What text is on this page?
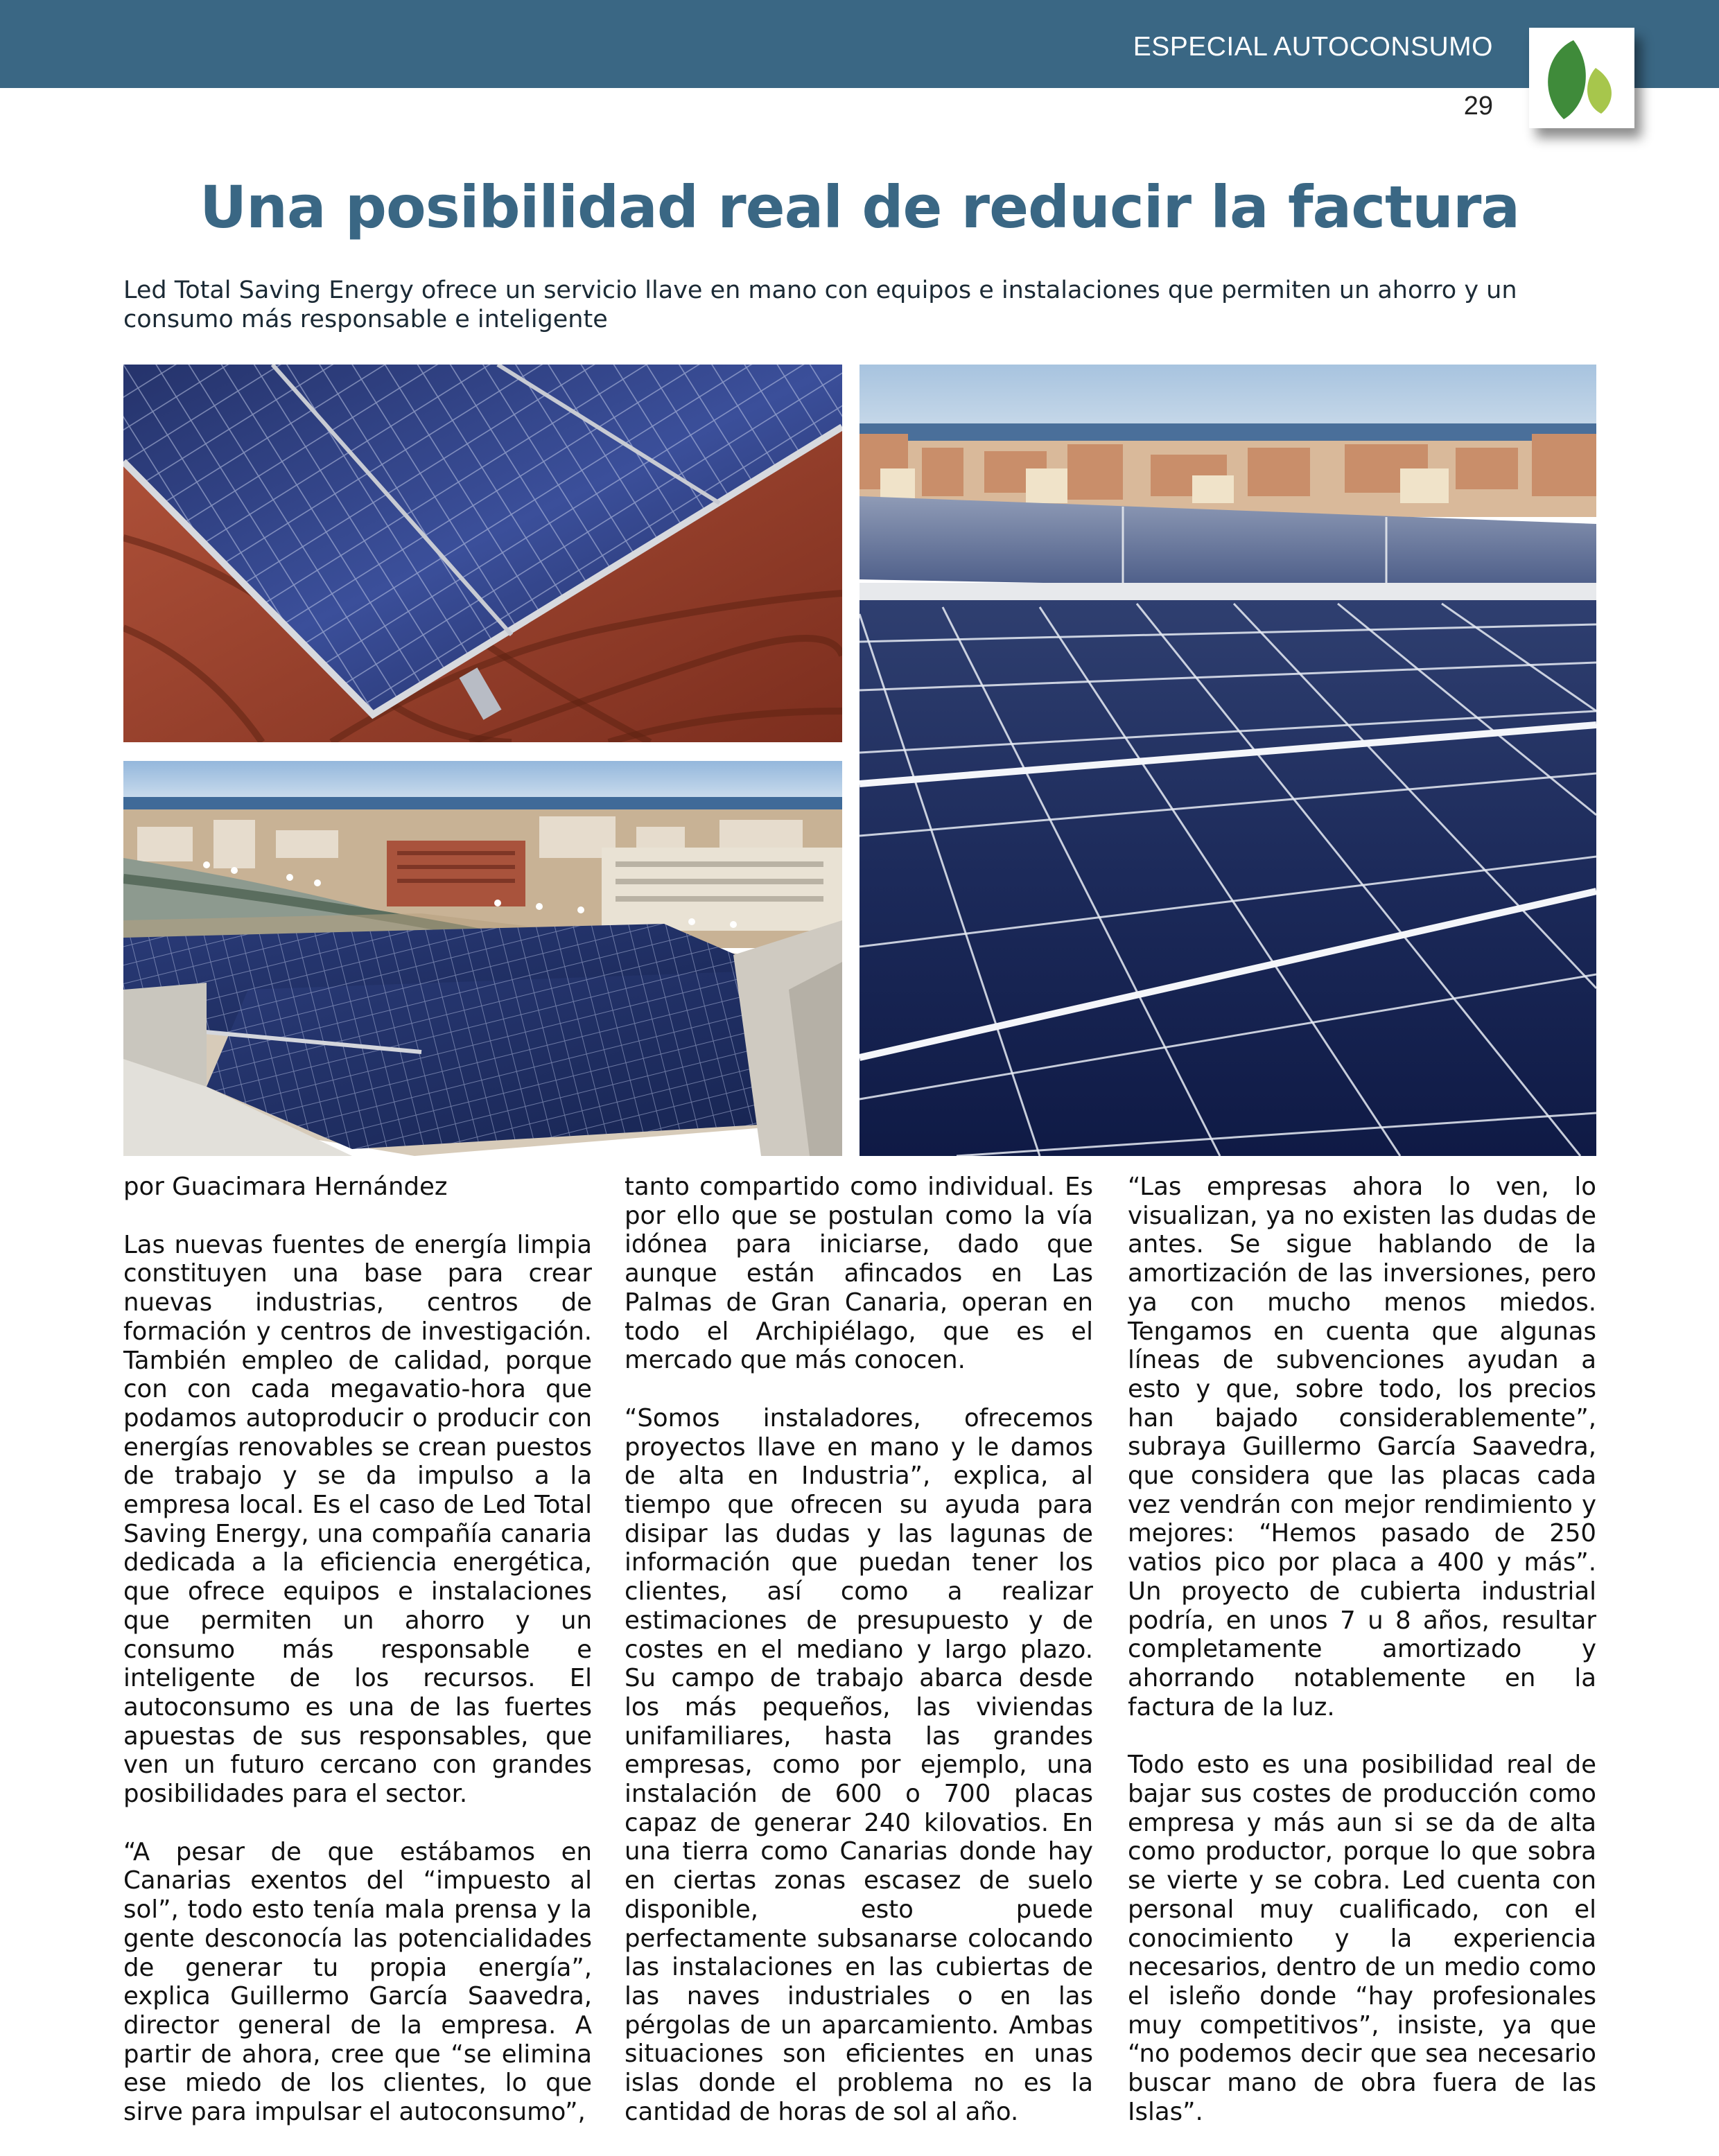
ESPECIAL AUTOCONSUMO
29
Una posibilidad real de reducir la factura

Led Total Saving Energy ofrece un servicio llave en mano con equipos e instalaciones que permiten un ahorro y un consumo más responsable e inteligente

por Guacimara Hernández

Las nuevas fuentes de energía limpia constituyen una base para crear nuevas industrias, centros de formación y centros de investigación. También empleo de calidad, porque con con cada megavatio-hora que podamos autoproducir o producir con energías renovables se crean puestos de trabajo y se da impulso a la empresa local. Es el caso de Led Total Saving Energy, una compañía canaria dedicada a la eficiencia energética, que ofrece equipos e instalaciones que permiten un ahorro y un consumo más responsable e inteligente de los recursos. El autoconsumo es una de las fuertes apuestas de sus responsables, que ven un futuro cercano con grandes posibilidades para el sector.

“A pesar de que estábamos en Canarias exentos del “impuesto al sol”, todo esto tenía mala prensa y la gente desconocía las potencialidades de generar tu propia energía”, explica Guillermo García Saavedra, director general de la empresa. A partir de ahora, cree que “se elimina ese miedo de los clientes, lo que sirve para impulsar el autoconsumo”,

tanto compartido como individual. Es por ello que se postulan como la vía idónea para iniciarse, dado que aunque están afincados en Las Palmas de Gran Canaria, operan en todo el Archipiélago, que es el mercado que más conocen.

“Somos instaladores, ofrecemos proyectos llave en mano y le damos de alta en Industria”, explica, al tiempo que ofrecen su ayuda para disipar las dudas y las lagunas de información que puedan tener los clientes, así como a realizar estimaciones de presupuesto y de costes en el mediano y largo plazo. Su campo de trabajo abarca desde los más pequeños, las viviendas unifamiliares, hasta las grandes empresas, como por ejemplo, una instalación de 600 o 700 placas capaz de generar 240 kilovatios. En una tierra como Canarias donde hay en ciertas zonas escasez de suelo disponible, esto puede perfectamente subsanarse colocando las instalaciones en las cubiertas de las naves industriales o en las pérgolas de un aparcamiento. Ambas situaciones son eficientes en unas islas donde el problema no es la cantidad de horas de sol al año.

“Las empresas ahora lo ven, lo visualizan, ya no existen las dudas de antes. Se sigue hablando de la amortización de las inversiones, pero ya con mucho menos miedos. Tengamos en cuenta que algunas líneas de subvenciones ayudan a esto y que, sobre todo, los precios han bajado considerablemente”, subraya Guillermo García Saavedra, que considera que las placas cada vez vendrán con mejor rendimiento y mejores: “Hemos pasado de 250 vatios pico por placa a 400 y más”. Un proyecto de cubierta industrial podría, en unos 7 u 8 años, resultar completamente amortizado y ahorrando notablemente en la factura de la luz.

Todo esto es una posibilidad real de bajar sus costes de producción como empresa y más aun si se da de alta como productor, porque lo que sobra se vierte y se cobra. Led cuenta con personal muy cualificado, con el conocimiento y la experiencia necesarios, dentro de un medio como el isleño donde “hay profesionales muy competitivos”, insiste, ya que “no podemos decir que sea necesario buscar mano de obra fuera de las Islas”.
